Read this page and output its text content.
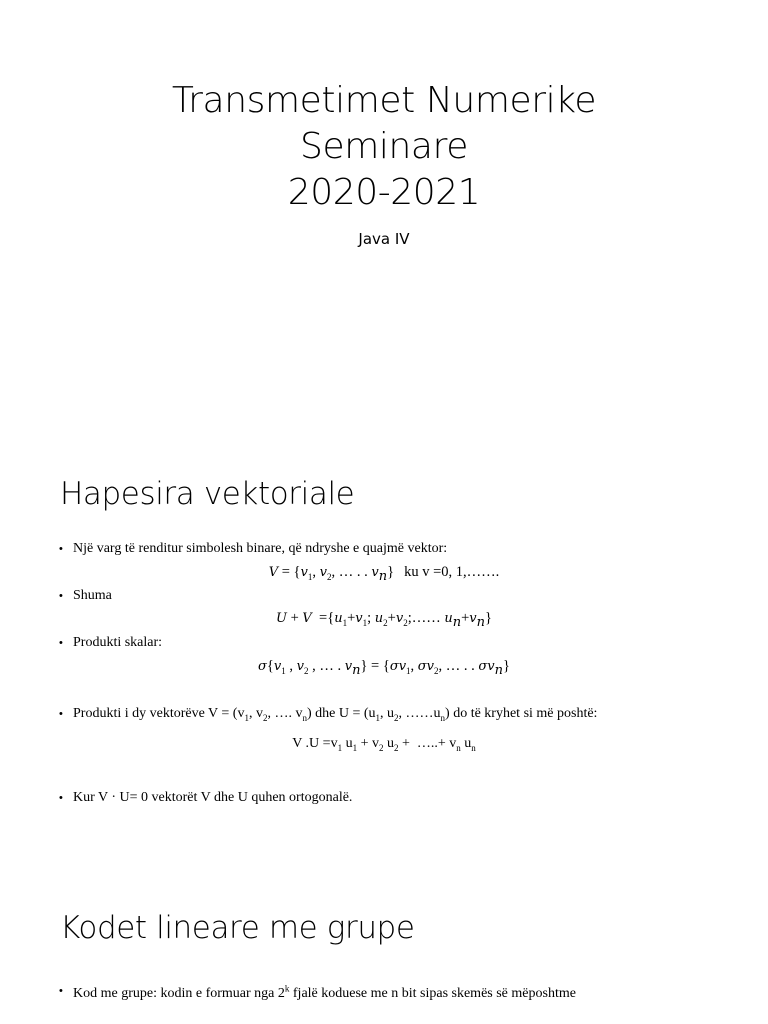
Transmetimet Numerike
Seminare
2020-2021
Java IV
Hapesira vektoriale
• Një varg të renditur simbolesh binare, që ndryshe e quajmë vektor:
$V = \{v_1$, $v_2$, … . . $v_n$} ku v =0, 1,…….
• Shuma
$U + V =\{u_1+v_1$; $u_2+v_2;\dots\dots$ $u_n+v_n$}
• Produkti skalar:
$\sigma\{v_1$ , $v_2$ , … . $v_n\} = \{\sigma v_1$, $\sigma v_2$, … . . $\sigma v_n$}
• Produkti i dy vektorëve $V = (v_1$, $v_2$, …. $v_n$) dhe $U = (u_1$, $u_2$, $\dots\dots u_n$) do të kryhet si më poshtë:
V $.U =v_1$ $u_1 + v_2$ $u_2$ +  …..+ $v_n$ $u_n$
• Kur V · U= 0 vektorët V dhe U quhen ortogonalë.
Kodet lineare me grupe
• Kod me grupe: kodin e formuar nga 2$^k$ fjalë koduese me n bit sipas skemës së mëposhtme
